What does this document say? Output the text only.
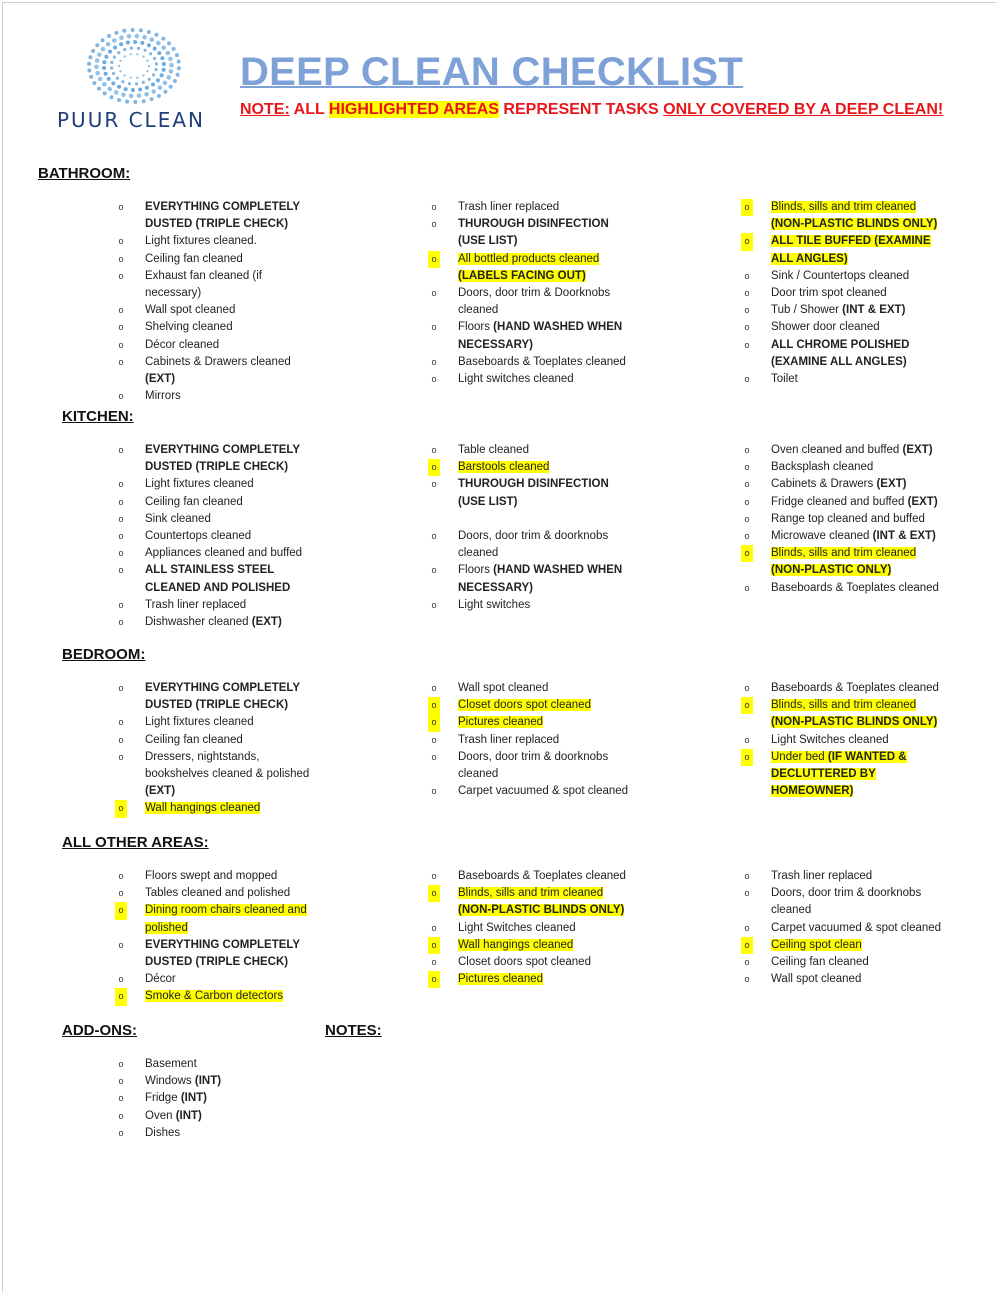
PUUR CLEAN
DEEP CLEAN CHECKLIST
NOTE: ALL HIGHLIGHTED AREAS REPRESENT TASKS ONLY COVERED BY A DEEP CLEAN!
BATHROOM:
o	EVERYTHING COMPLETELY DUSTED (TRIPLE CHECK)
o	Light fixtures cleaned.
o	Ceiling fan cleaned
o	Exhaust fan cleaned (if necessary)
o	Wall spot cleaned
o	Shelving cleaned
o	Décor cleaned
o	Cabinets & Drawers cleaned (EXT)
o	Mirrors
o	Trash liner replaced
o	THUROUGH DISINFECTION (USE LIST)
o	All bottled products cleaned (LABELS FACING OUT)
o	Doors, door trim & Doorknobs cleaned
o	Floors (HAND WASHED WHEN NECESSARY)
o	Baseboards & Toeplates cleaned
o	Light switches cleaned
o	Blinds, sills and trim cleaned (NON-PLASTIC BLINDS ONLY)
o	ALL TILE BUFFED (EXAMINE ALL ANGLES)
o	Sink / Countertops cleaned
o	Door trim spot cleaned
o	Tub / Shower (INT & EXT)
o	Shower door cleaned
o	ALL CHROME POLISHED (EXAMINE ALL ANGLES)
o	Toilet
KITCHEN:
o	EVERYTHING COMPLETELY DUSTED (TRIPLE CHECK)
o	Light fixtures cleaned
o	Ceiling fan cleaned
o	Sink cleaned
o	Countertops cleaned
o	Appliances cleaned and buffed
o	ALL STAINLESS STEEL CLEANED AND POLISHED
o	Trash liner replaced
o	Dishwasher cleaned (EXT)
o	Table cleaned
o	Barstools cleaned
o	THUROUGH DISINFECTION (USE LIST)

o	Doors, door trim & doorknobs cleaned
o	Floors (HAND WASHED WHEN NECESSARY)
o	Light switches
o	Oven cleaned and buffed (EXT)
o	Backsplash cleaned
o	Cabinets & Drawers (EXT)
o	Fridge cleaned and buffed (EXT)
o	Range top cleaned and buffed
o	Microwave cleaned (INT & EXT)
o	Blinds, sills and trim cleaned (NON-PLASTIC ONLY)
o	Baseboards & Toeplates cleaned
BEDROOM:
o	EVERYTHING COMPLETELY DUSTED (TRIPLE CHECK)
o	Light fixtures cleaned
o	Ceiling fan cleaned
o	Dressers, nightstands, bookshelves cleaned & polished (EXT)
o	Wall hangings cleaned
o	Wall spot cleaned
o	Closet doors spot cleaned
o	Pictures cleaned
o	Trash liner replaced
o	Doors, door trim & doorknobs cleaned
o	Carpet vacuumed & spot cleaned
o	Baseboards & Toeplates cleaned
o	Blinds, sills and trim cleaned (NON-PLASTIC BLINDS ONLY)
o	Light Switches cleaned
o	Under bed (IF WANTED & DECLUTTERED BY HOMEOWNER)
ALL OTHER AREAS:
o	Floors swept and mopped
o	Tables cleaned and polished
o	Dining room chairs cleaned and polished
o	EVERYTHING COMPLETELY DUSTED (TRIPLE CHECK)
o	Décor
o	Smoke & Carbon detectors
o	Baseboards & Toeplates cleaned
o	Blinds, sills and trim cleaned (NON-PLASTIC BLINDS ONLY)
o	Light Switches cleaned
o	Wall hangings cleaned
o	Closet doors spot cleaned
o	Pictures cleaned
o	Trash liner replaced
o	Doors, door trim & doorknobs cleaned
o	Carpet vacuumed & spot cleaned
o	Ceiling spot clean
o	Ceiling fan cleaned
o	Wall spot cleaned
ADD-ONS:	NOTES:
o	Basement
o	Windows (INT)
o	Fridge (INT)
o	Oven (INT)
o	Dishes
